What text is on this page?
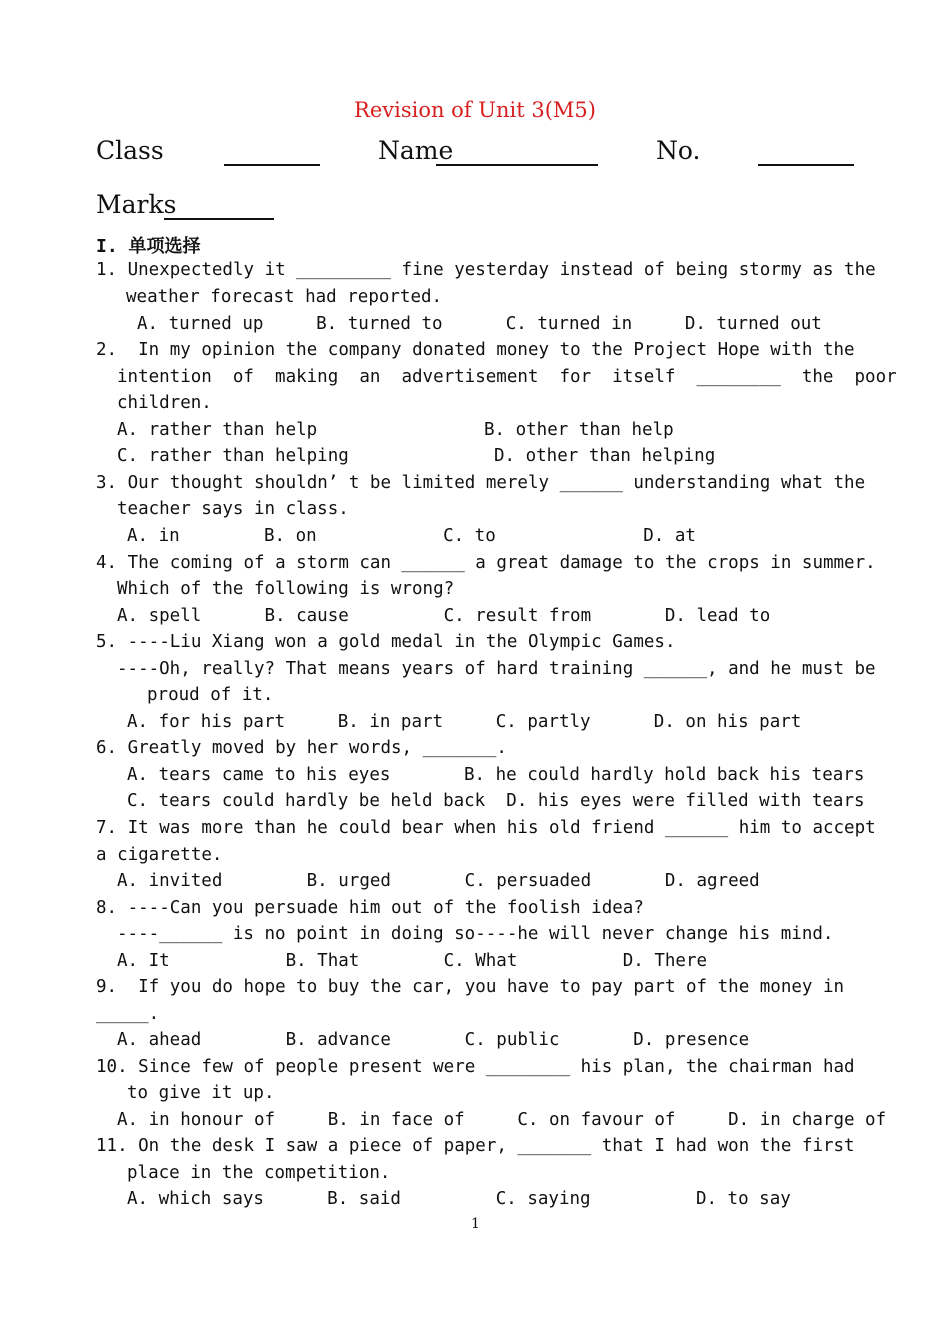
Revision of Unit 3(M5)
Class	Name	No.
Marks
I. 单项选择
1. Unexpectedly it _________ fine yesterday instead of being stormy as the
weather forecast had reported.
A. turned up     B. turned to      C. turned in     D. turned out
2.  In my opinion the company donated money to the Project Hope with the
intention  of  making  an  advertisement  for  itself  ________  the  poor
children.
A. rather than help	B. other than help
C. rather than helping	D. other than helping
3. Our thought shouldn’ t be limited merely ______ understanding what the
teacher says in class.
A. in        B. on            C. to              D. at
4. The coming of a storm can ______ a great damage to the crops in summer.
Which of the following is wrong?
A. spell      B. cause         C. result from       D. lead to
5. ----Liu Xiang won a gold medal in the Olympic Games.
----Oh, really? That means years of hard training ______, and he must be
proud of it.
A. for his part     B. in part     C. partly      D. on his part
6. Greatly moved by her words, _______.
A. tears came to his eyes	B. he could hardly hold back his tears
C. tears could hardly be held back  D. his eyes were filled with tears
7. It was more than he could bear when his old friend ______ him to accept
a cigarette.
A. invited        B. urged       C. persuaded       D. agreed
8. ----Can you persuade him out of the foolish idea?
----______ is no point in doing so----he will never change his mind.
A. It           B. That        C. What          D. There
9.  If you do hope to buy the car, you have to pay part of the money in
_____.
A. ahead        B. advance       C. public       D. presence
10. Since few of people present were ________ his plan, the chairman had
to give it up.
A. in honour of     B. in face of     C. on favour of     D. in charge of
11. On the desk I saw a piece of paper, _______ that I had won the first
place in the competition.
A. which says      B. said         C. saying          D. to say
1
